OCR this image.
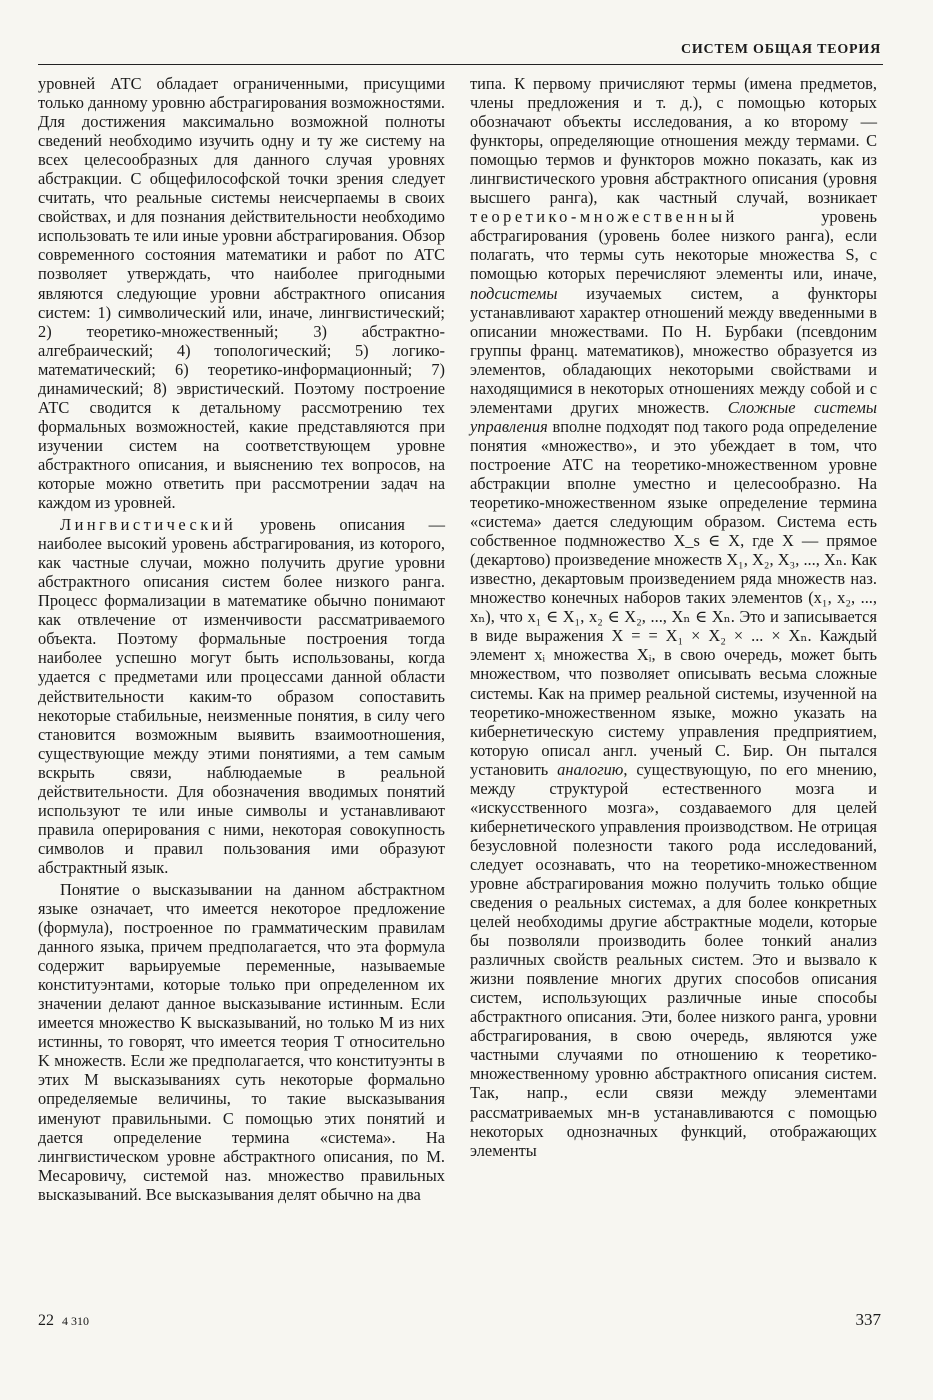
СИСТЕМ ОБЩАЯ ТЕОРИЯ

уровней АТС обладает ограниченными, присущими только данному уровню абстрагирования возможностями. Для достижения максимально возможной полноты сведений необходимо изучить одну и ту же систему на всех целесообразных для данного случая уровнях абстракции. С общефилософской точки зрения следует считать, что реальные системы неисчерпаемы в своих свойствах, и для познания действительности необходимо использовать те или иные уровни абстрагирования. Обзор современного состояния математики и работ по АТС позволяет утверждать, что наиболее пригодными являются следующие уровни абстрактного описания систем: 1) символический или, иначе, лингвистический; 2) теоретико-множественный; 3) абстрактно-алгебраический; 4) топологический; 5) логико-математический; 6) теоретико-информационный; 7) динамический; 8) эвристический. Поэтому построение АТС сводится к детальному рассмотрению тех формальных возможностей, какие представляются при изучении систем на соответствующем уровне абстрактного описания, и выяснению тех вопросов, на которые можно ответить при рассмотрении задач на каждом из уровней.

Лингвистический уровень описания — наиболее высокий уровень абстрагирования, из которого, как частные случаи, можно получить другие уровни абстрактного описания систем более низкого ранга. Процесс формализации в математике обычно понимают как отвлечение от изменчивости рассматриваемого объекта. Поэтому формальные построения тогда наиболее успешно могут быть использованы, когда удается с предметами или процессами данной области действительности каким-то образом сопоставить некоторые стабильные, неизменные понятия, в силу чего становится возможным выявить взаимоотношения, существующие между этими понятиями, а тем самым вскрыть связи, наблюдаемые в реальной действительности. Для обозначения вводимых понятий используют те или иные символы и устанавливают правила оперирования с ними, некоторая совокупность символов и правил пользования ими образуют абстрактный язык.

Понятие о высказывании на данном абстрактном языке означает, что имеется некоторое предложение (формула), построенное по грамматическим правилам данного языка, причем предполагается, что эта формула содержит варьируемые переменные, называемые конституэнтами, которые только при определенном их значении делают данное высказывание истинным. Если имеется множество K высказываний, но только M из них истинны, то говорят, что имеется теория T относительно K множеств. Если же предполагается, что конституэнты в этих M высказываниях суть некоторые формально определяемые величины, то такие высказывания именуют правильными. С помощью этих понятий и дается определение термина «система». На лингвистическом уровне абстрактного описания, по М. Месаровичу, системой наз. множество правильных высказываний. Все высказывания делят обычно на два

типа. К первому причисляют термы (имена предметов, члены предложения и т. д.), с помощью которых обозначают объекты исследования, а ко второму — функторы, определяющие отношения между термами. С помощью термов и функторов можно показать, как из лингвистического уровня абстрактного описания (уровня высшего ранга), как частный случай, возникает теоретико-множественный уровень абстрагирования (уровень более низкого ранга), если полагать, что термы суть некоторые множества S, с помощью которых перечисляют элементы или, иначе, подсистемы изучаемых систем, а функторы устанавливают характер отношений между введенными в описании множествами. По Н. Бурбаки (псевдоним группы франц. математиков), множество образуется из элементов, обладающих некоторыми свойствами и находящимися в некоторых отношениях между собой и с элементами других множеств. Сложные системы управления вполне подходят под такого рода определение понятия «множество», и это убеждает в том, что построение АТС на теоретико-множественном уровне абстракции вполне уместно и целесообразно. На теоретико-множественном языке определение термина «система» дается следующим образом. Система есть собственное подмножество X_s ∈ X, где X — прямое (декартово) произведение множеств X₁, X₂, X₃, ..., Xₙ. Как известно, декартовым произведением ряда множеств наз. множество конечных наборов таких элементов (x₁, x₂, ..., xₙ), что x₁ ∈ X₁, x₂ ∈ X₂, ..., Xₙ ∈ Xₙ. Это и записывается в виде выражения X = = X₁ × X₂ × ... × Xₙ. Каждый элемент xᵢ множества Xᵢ, в свою очередь, может быть множеством, что позволяет описывать весьма сложные системы. Как на пример реальной системы, изученной на теоретико-множественном языке, можно указать на кибернетическую систему управления предприятием, которую описал англ. ученый С. Бир. Он пытался установить аналогию, существующую, по его мнению, между структурой естественного мозга и «искусственного мозга», создаваемого для целей кибернетического управления производством. Не отрицая безусловной полезности такого рода исследований, следует осознавать, что на теоретико-множественном уровне абстрагирования можно получить только общие сведения о реальных системах, а для более конкретных целей необходимы другие абстрактные модели, которые бы позволяли производить более тонкий анализ различных свойств реальных систем. Это и вызвало к жизни появление многих других способов описания систем, использующих различные иные способы абстрактного описания. Эти, более низкого ранга, уровни абстрагирования, в свою очередь, являются уже частными случаями по отношению к теоретико-множественному уровню абстрактного описания систем. Так, напр., если связи между элементами рассматриваемых мн-в устанавливаются с помощью некоторых однозначных функций, отображающих элементы

22 4 310	337
